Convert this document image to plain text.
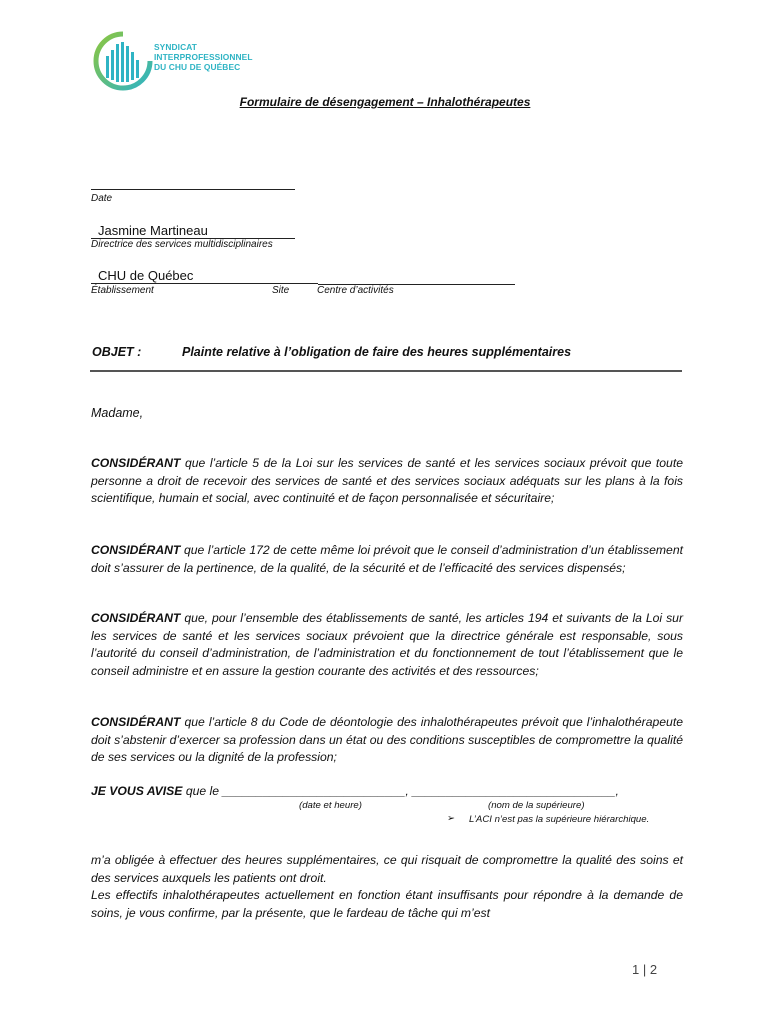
SYNDICAT
INTERPROFESSIONNEL
DU CHU DE QUÉBEC
Formulaire de désengagement – Inhalothérapeutes
Date
Jasmine Martineau
Directrice des services multidisciplinaires
CHU de Québec
Établissement	Site	Centre d’activités
OBJET :	Plainte relative à l’obligation de faire des heures supplémentaires
Madame,

CONSIDÉRANT que l’article 5 de la Loi sur les services de santé et les services sociaux prévoit que toute personne a droit de recevoir des services de santé et des services sociaux adéquats sur les plans à la fois scientifique, humain et social, avec continuité et de façon personnalisée et sécuritaire;

CONSIDÉRANT que l’article 172 de cette même loi prévoit que le conseil d’administration d’un établissement doit s’assurer de la pertinence, de la qualité, de la sécurité et de l’efficacité des services dispensés;

CONSIDÉRANT que, pour l’ensemble des établissements de santé, les articles 194 et suivants de la Loi sur les services de santé et les services sociaux prévoient que la directrice générale est responsable, sous l’autorité du conseil d’administration, de l’administration et du fonctionnement de tout l’établissement que le conseil administre et en assure la gestion courante des activités et des ressources;

CONSIDÉRANT que l’article 8 du Code de déontologie des inhalothérapeutes prévoit que l’inhalothérapeute doit s’abstenir d’exercer sa profession dans un état ou des conditions susceptibles de compromettre la qualité de ses services ou la dignité de la profession;

JE VOUS AVISE que le ___________________________, ______________________________,
(date et heure)	(nom de la supérieure)
➢ L’ACI n’est pas la supérieure hiérarchique.

m’a obligée à effectuer des heures supplémentaires, ce qui risquait de compromettre la qualité des soins et des services auxquels les patients ont droit.

Les effectifs inhalothérapeutes actuellement en fonction étant insuffisants pour répondre à la demande de soins, je vous confirme, par la présente, que le fardeau de tâche qui m’est

1 | 2
